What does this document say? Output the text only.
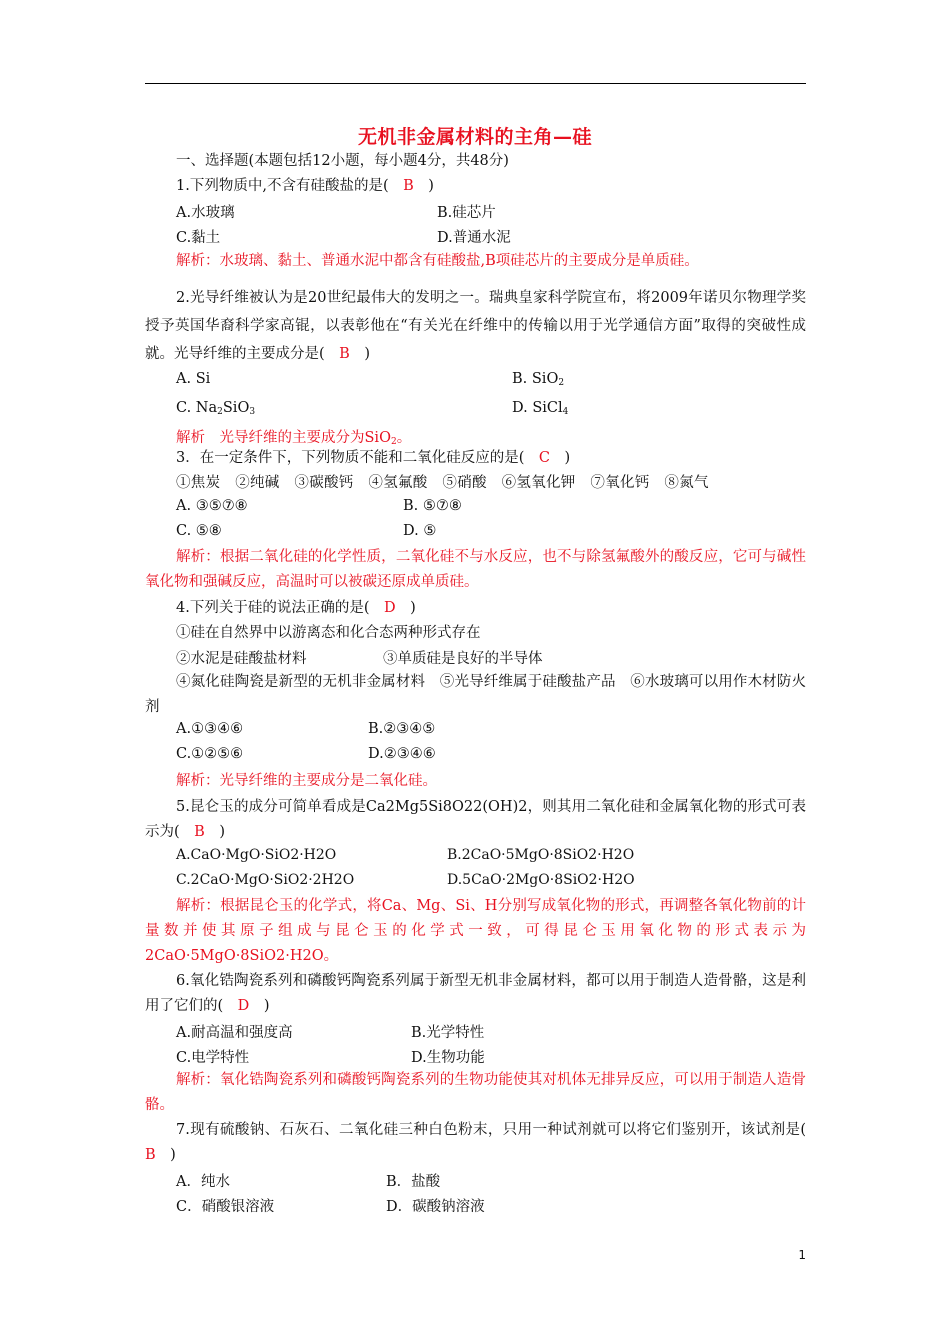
无机非金属材料的主角—硅
一、选择题(本题包括12小题，每小题4分，共48分)
1.下列物质中,不含有硅酸盐的是(　 B　 )
A.水玻璃	B.硅芯片
C.黏土	D.普通水泥
解析：水玻璃、黏土、普通水泥中都含有硅酸盐,B项硅芯片的主要成分是单质硅。
2.光导纤维被认为是20世纪最伟大的发明之一。瑞典皇家科学院宣布，将2009年诺贝尔物理学奖授予英国华裔科学家高锟，以表彰他在“有关光在纤维中的传输以用于光学通信方面”取得的突破性成就。光导纤维的主要成分是(　 B　 )
A. Si	B. SiO$_2$
C. $Na_2SiO_3$	D. SiCl$_4$
解析　光导纤维的主要成分为SiO$_2$。
3．在一定条件下，下列物质不能和二氧化硅反应的是(　 C　 )
①焦炭　②纯碱　③碳酸钙　④氢氟酸　⑤硝酸　⑥氢氧化钾　⑦氧化钙　⑧氮气
A. ③⑤⑦⑧	B. ⑤⑦⑧
C. ⑤⑧	D. ⑤
解析：根据二氧化硅的化学性质，二氧化硅不与水反应，也不与除氢氟酸外的酸反应，它可与碱性氧化物和强碱反应，高温时可以被碳还原成单质硅。
4.下列关于硅的说法正确的是(　 D　 )
①硅在自然界中以游离态和化合态两种形式存在
②水泥是硅酸盐材料	③单质硅是良好的半导体
④氮化硅陶瓷是新型的无机非金属材料　⑤光导纤维属于硅酸盐产品　⑥水玻璃可以用作木材防火剂
A.①③④⑥	B.②③④⑤
C.①②⑤⑥	D.②③④⑥
解析：光导纤维的主要成分是二氧化硅。
5.昆仑玉的成分可简单看成是Ca2Mg5Si8O22(OH)2，则其用二氧化硅和金属氧化物的形式可表示为(　 B　 )
A.CaO·MgO·SiO2·H2O	B.2CaO·5MgO·8SiO2·H2O
C.2CaO·MgO·SiO2·2H2O	D.5CaO·2MgO·8SiO2·H2O
解析：根据昆仑玉的化学式，将Ca、Mg、Si、H分别写成氧化物的形式，再调整各氧化物前的计量数并使其原子组成与昆仑玉的化学式一致，可得昆仑玉用氧化物的形式表示为2CaO·5MgO·8SiO2·H2O。
6.氧化锆陶瓷系列和磷酸钙陶瓷系列属于新型无机非金属材料，都可以用于制造人造骨骼，这是利用了它们的(　 D　 )
A.耐高温和强度高	B.光学特性
C.电学特性	D.生物功能
解析：氧化锆陶瓷系列和磷酸钙陶瓷系列的生物功能使其对机体无排异反应，可以用于制造人造骨骼。
7.现有硫酸钠、石灰石、二氧化硅三种白色粉末，只用一种试剂就可以将它们鉴别开，该试剂是(　B　 )
A．纯水	B．盐酸
C．硝酸银溶液	D．碳酸钠溶液
1
